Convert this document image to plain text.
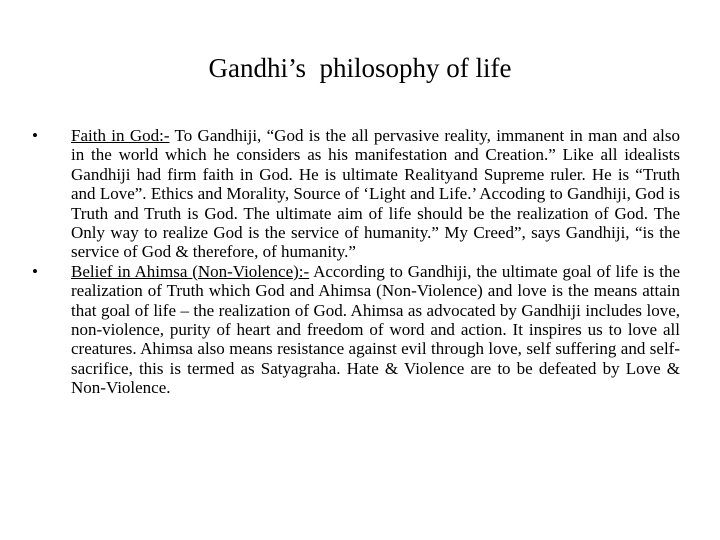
Gandhi’s  philosophy of life
•	Faith in God:- To Gandhiji, “God is the all pervasive reality, immanent in man and also in the world which he considers as his manifestation and Creation.” Like all idealists Gandhiji had firm faith in God. He is ultimate Realityand Supreme ruler. He is “Truth and Love”. Ethics and Morality, Source of ‘Light and Life.’ Accoding to Gandhiji, God is Truth and Truth is God. The ultimate aim of life should be the realization of God. The Only way to realize God is the service of humanity.” My Creed”, says Gandhiji, “is the service of God & therefore, of humanity.”
•	Belief in Ahimsa (Non-Violence):- According to Gandhiji, the ultimate goal of life is the realization of Truth which God and Ahimsa (Non-Violence) and love is the means attain that goal of life – the realization of God. Ahimsa as advocated by Gandhiji includes love, non-violence, purity of heart and freedom of word and action. It inspires us to love all creatures. Ahimsa also means resistance against evil through love, self suffering and self-sacrifice, this is termed as Satyagraha. Hate & Violence are to be defeated by Love & Non-Violence.
